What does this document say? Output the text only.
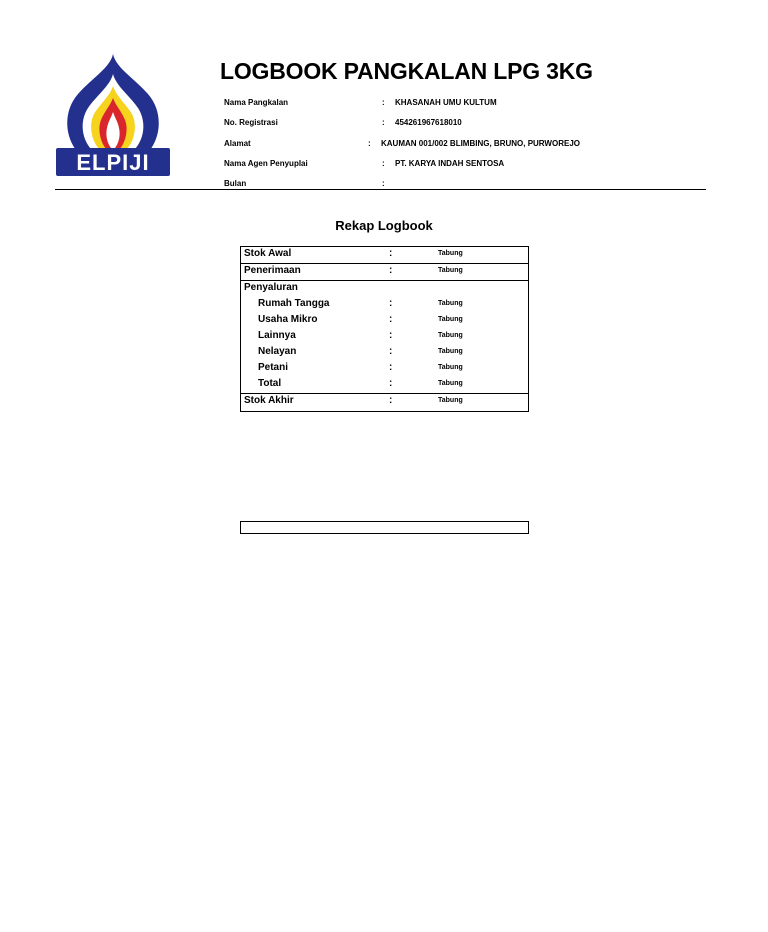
ELPIJI
LOGBOOK PANGKALAN LPG 3KG
Nama Pangkalan	: KHASANAH UMU KULTUM
No. Registrasi	: 454261967618010
Alamat	: KAUMAN 001/002 BLIMBING, BRUNO, PURWOREJO
Nama Agen Penyuplai	: PT. KARYA INDAH SENTOSA
Bulan	:
Rekap Logbook
Stok Awal	:	Tabung
Penerimaan	:	Tabung
Penyaluran
Rumah Tangga	:	Tabung
Usaha Mikro	:	Tabung
Lainnya	:	Tabung
Nelayan	:	Tabung
Petani	:	Tabung
Total	:	Tabung
Stok Akhir	:	Tabung
